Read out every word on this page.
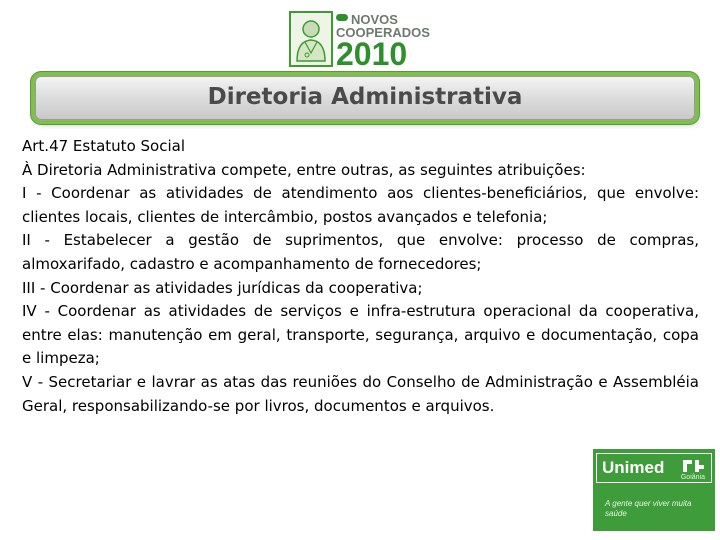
NOVOS
COOPERADOS
2010
Diretoria Administrativa

Art.47 Estatuto Social

À Diretoria Administrativa compete, entre outras, as seguintes atribuições:

I - Coordenar as atividades de atendimento aos clientes-beneficiários, que envolve: clientes locais, clientes de intercâmbio, postos avançados e telefonia;

II - Estabelecer a gestão de suprimentos, que envolve: processo de compras, almoxarifado, cadastro e acompanhamento de fornecedores;

III - Coordenar as atividades jurídicas da cooperativa;

IV - Coordenar as atividades de serviços e infra-estrutura operacional da cooperativa, entre elas: manutenção em geral, transporte, segurança, arquivo e documentação, copa e limpeza;

V - Secretariar e lavrar as atas das reuniões do Conselho de Administração e Assembléia Geral, responsabilizando-se por livros, documentos e arquivos.

Unimed
Goiânia
A gente quer viver muita saúde
